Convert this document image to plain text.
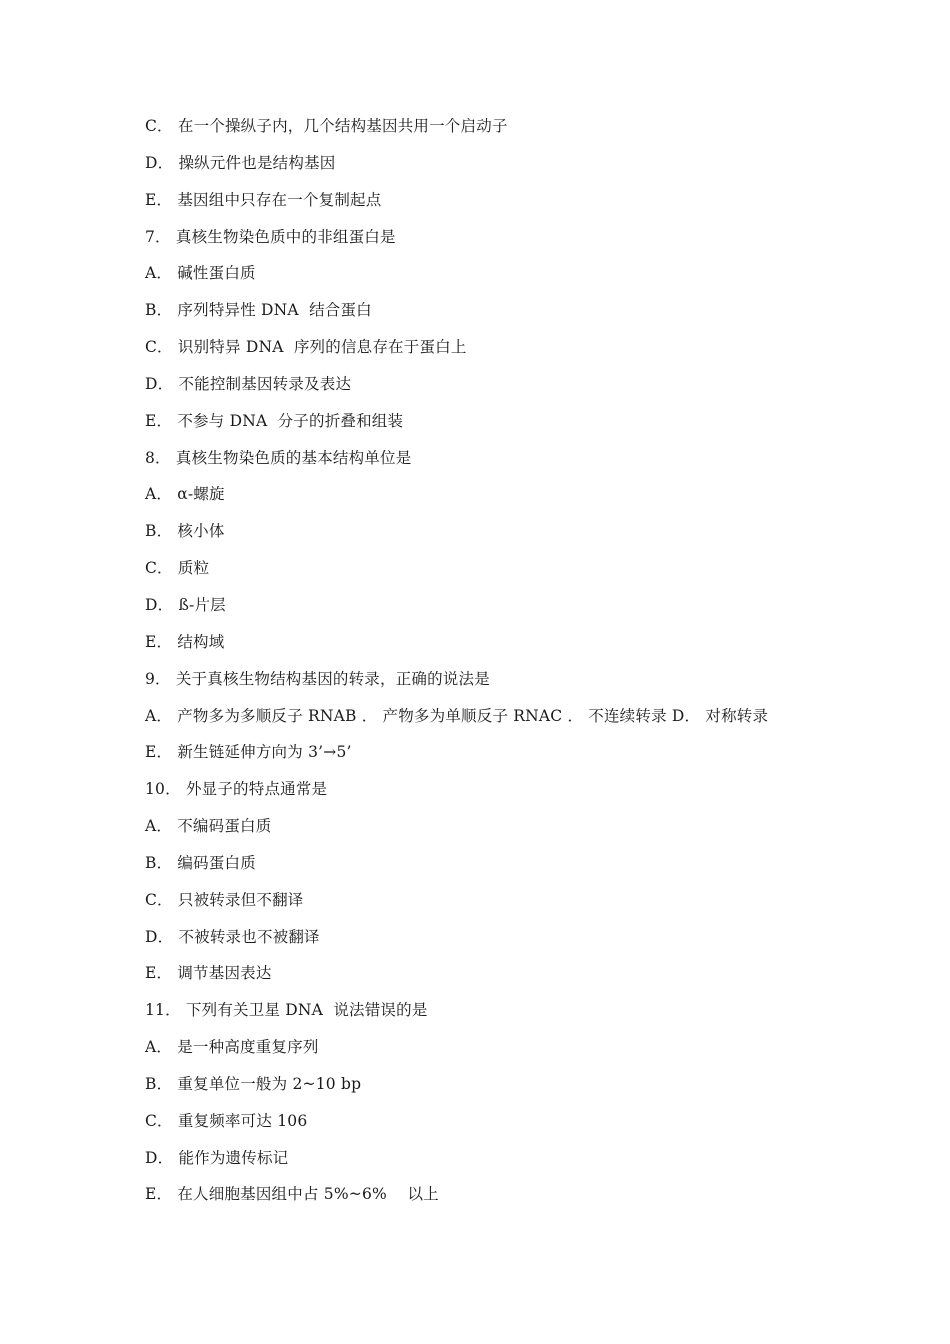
C． 在一个操纵子内，几个结构基因共用一个启动子
D． 操纵元件也是结构基因
E． 基因组中只存在一个复制起点
7． 真核生物染色质中的非组蛋白是
A． 碱性蛋白质
B． 序列特异性 DNA  结合蛋白
C． 识别特异 DNA  序列的信息存在于蛋白上
D． 不能控制基因转录及表达
E． 不参与 DNA  分子的折叠和组装
8． 真核生物染色质的基本结构单位是
A． α-螺旋
B． 核小体
C． 质粒
D． ß-片层
E． 结构域
9． 关于真核生物结构基因的转录，正确的说法是
A． 产物多为多顺反子 RNAB ． 产物多为单顺反子 RNAC ． 不连续转录 D． 对称转录
E． 新生链延伸方向为 3’→5’
10． 外显子的特点通常是
A． 不编码蛋白质
B． 编码蛋白质
C． 只被转录但不翻译
D． 不被转录也不被翻译
E． 调节基因表达
11． 下列有关卫星 DNA  说法错误的是
A． 是一种高度重复序列
B． 重复单位一般为 2~10 bp
C． 重复频率可达 106
D． 能作为遗传标记
E． 在人细胞基因组中占 5%~6%    以上
